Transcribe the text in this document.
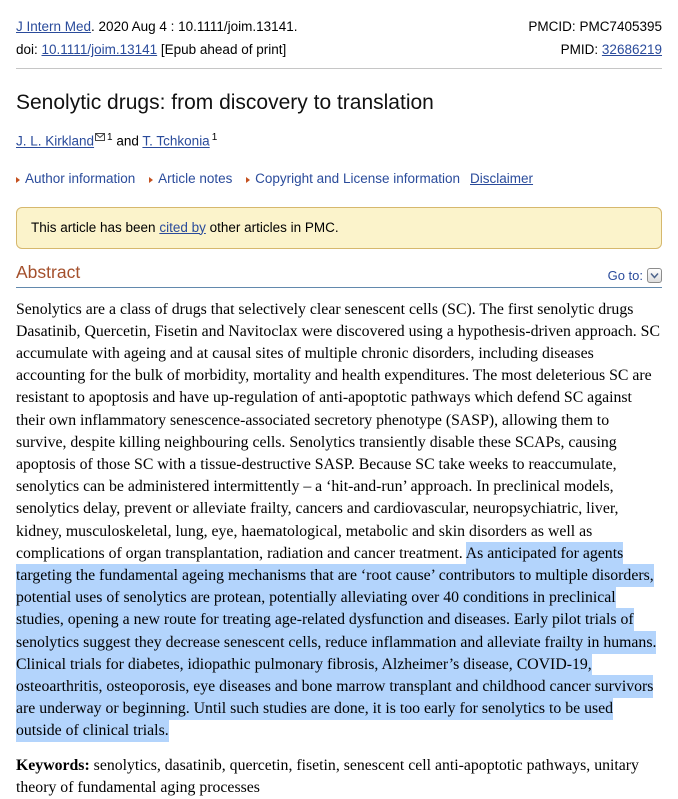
J Intern Med. 2020 Aug 4 : 10.1111/joim.13141.
doi: 10.1111/joim.13141 [Epub ahead of print]
PMCID: PMC7405395
PMID: 32686219
Senolytic drugs: from discovery to translation
J. L. Kirkland $^1$ and T. Tchkonia $^1$
Author information Article notes Copyright and License information Disclaimer
This article has been cited by other articles in PMC.
Abstract	Go to:

Senolytics are a class of drugs that selectively clear senescent cells (SC). The first senolytic drugs Dasatinib, Quercetin, Fisetin and Navitoclax were discovered using a hypothesis-driven approach. SC accumulate with ageing and at causal sites of multiple chronic disorders, including diseases accounting for the bulk of morbidity, mortality and health expenditures. The most deleterious SC are resistant to apoptosis and have up-regulation of anti-apoptotic pathways which defend SC against their own inflammatory senescence-associated secretory phenotype (SASP), allowing them to survive, despite killing neighbouring cells. Senolytics transiently disable these SCAPs, causing apoptosis of those SC with a tissue-destructive SASP. Because SC take weeks to reaccumulate, senolytics can be administered intermittently – a ‘hit-and-run’ approach. In preclinical models, senolytics delay, prevent or alleviate frailty, cancers and cardiovascular, neuropsychiatric, liver, kidney, musculoskeletal, lung, eye, haematological, metabolic and skin disorders as well as complications of organ transplantation, radiation and cancer treatment. As anticipated for agents targeting the fundamental ageing mechanisms that are ‘root cause’ contributors to multiple disorders, potential uses of senolytics are protean, potentially alleviating over 40 conditions in preclinical studies, opening a new route for treating age-related dysfunction and diseases. Early pilot trials of senolytics suggest they decrease senescent cells, reduce inflammation and alleviate frailty in humans. Clinical trials for diabetes, idiopathic pulmonary fibrosis, Alzheimer’s disease, COVID-19, osteoarthritis, osteoporosis, eye diseases and bone marrow transplant and childhood cancer survivors are underway or beginning. Until such studies are done, it is too early for senolytics to be used outside of clinical trials.

Keywords: senolytics, dasatinib, quercetin, fisetin, senescent cell anti-apoptotic pathways, unitary theory of fundamental aging processes
